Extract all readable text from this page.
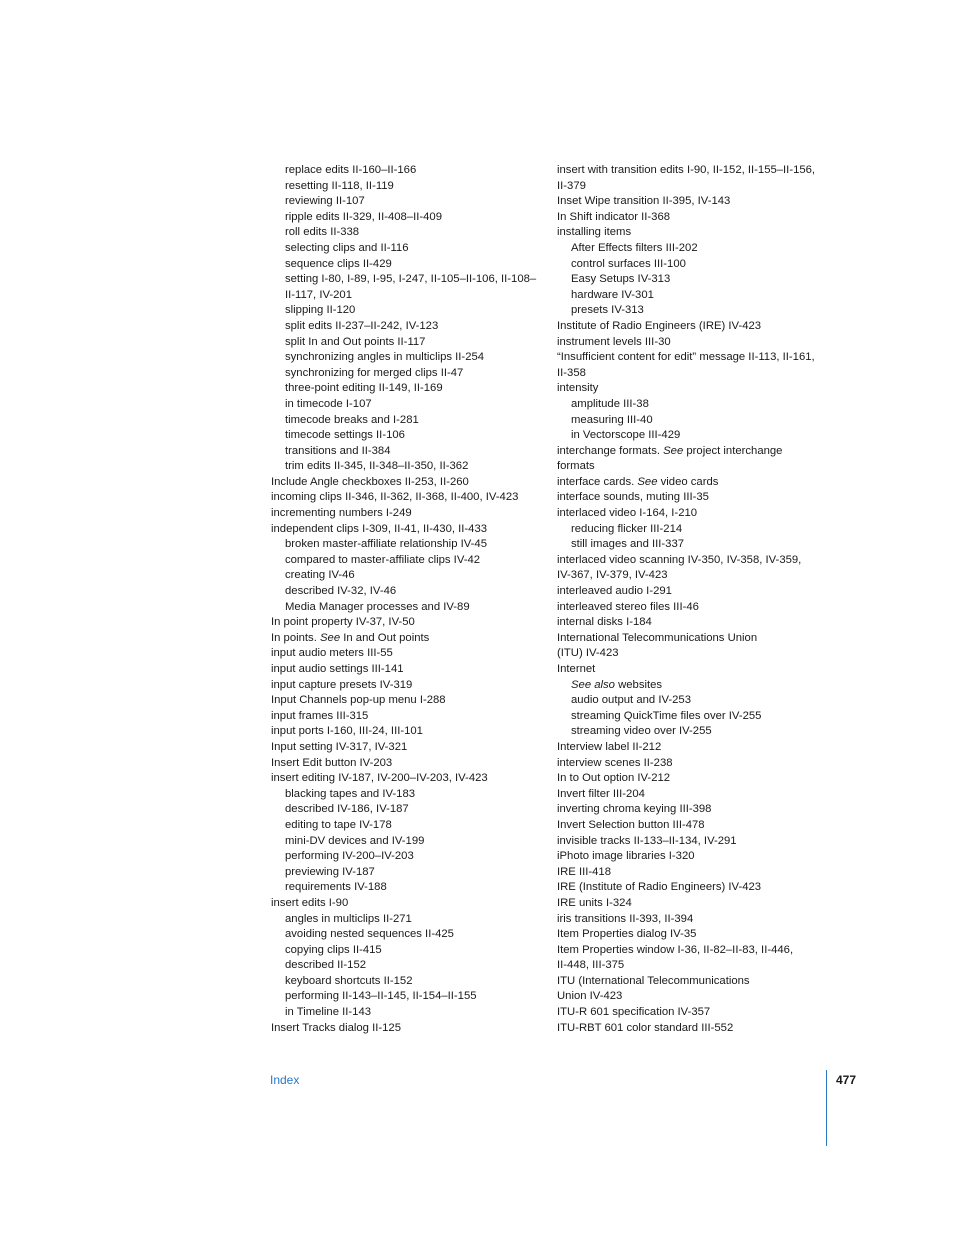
replace edits II-160–II-166
resetting II-118, II-119
reviewing II-107
ripple edits II-329, II-408–II-409
roll edits II-338
selecting clips and II-116
sequence clips II-429
setting I-80, I-89, I-95, I-247, II-105–II-106, II-108–
II-117, IV-201
slipping II-120
split edits II-237–II-242, IV-123
split In and Out points II-117
synchronizing angles in multiclips II-254
synchronizing for merged clips II-47
three-point editing II-149, II-169
in timecode I-107
timecode breaks and I-281
timecode settings II-106
transitions and II-384
trim edits II-345, II-348–II-350, II-362
Include Angle checkboxes II-253, II-260
incoming clips II-346, II-362, II-368, II-400, IV-423
incrementing numbers I-249
independent clips I-309, II-41, II-430, II-433
broken master-affiliate relationship IV-45
compared to master-affiliate clips IV-42
creating IV-46
described IV-32, IV-46
Media Manager processes and IV-89
In point property IV-37, IV-50
In points. See In and Out points
input audio meters III-55
input audio settings III-141
input capture presets IV-319
Input Channels pop-up menu I-288
input frames III-315
input ports I-160, III-24, III-101
Input setting IV-317, IV-321
Insert Edit button IV-203
insert editing IV-187, IV-200–IV-203, IV-423
blacking tapes and IV-183
described IV-186, IV-187
editing to tape IV-178
mini-DV devices and IV-199
performing IV-200–IV-203
previewing IV-187
requirements IV-188
insert edits I-90
angles in multiclips II-271
avoiding nested sequences II-425
copying clips II-415
described II-152
keyboard shortcuts II-152
performing II-143–II-145, II-154–II-155
in Timeline II-143
Insert Tracks dialog II-125
insert with transition edits I-90, II-152, II-155–II-156,
II-379
Inset Wipe transition II-395, IV-143
In Shift indicator II-368
installing items
After Effects filters III-202
control surfaces III-100
Easy Setups IV-313
hardware IV-301
presets IV-313
Institute of Radio Engineers (IRE) IV-423
instrument levels III-30
“Insufficient content for edit” message II-113, II-161,
II-358
intensity
amplitude III-38
measuring III-40
in Vectorscope III-429
interchange formats. See project interchange
formats
interface cards. See video cards
interface sounds, muting III-35
interlaced video I-164, I-210
reducing flicker III-214
still images and III-337
interlaced video scanning IV-350, IV-358, IV-359,
IV-367, IV-379, IV-423
interleaved audio I-291
interleaved stereo files III-46
internal disks I-184
International Telecommunications Union
(ITU) IV-423
Internet
See also websites
audio output and IV-253
streaming QuickTime files over IV-255
streaming video over IV-255
Interview label II-212
interview scenes II-238
In to Out option IV-212
Invert filter III-204
inverting chroma keying III-398
Invert Selection button III-478
invisible tracks II-133–II-134, IV-291
iPhoto image libraries I-320
IRE III-418
IRE (Institute of Radio Engineers) IV-423
IRE units I-324
iris transitions II-393, II-394
Item Properties dialog IV-35
Item Properties window I-36, II-82–II-83, II-446,
II-448, III-375
ITU (International Telecommunications
Union IV-423
ITU-R 601 specification IV-357
ITU-RBT 601 color standard III-552
Index	477
